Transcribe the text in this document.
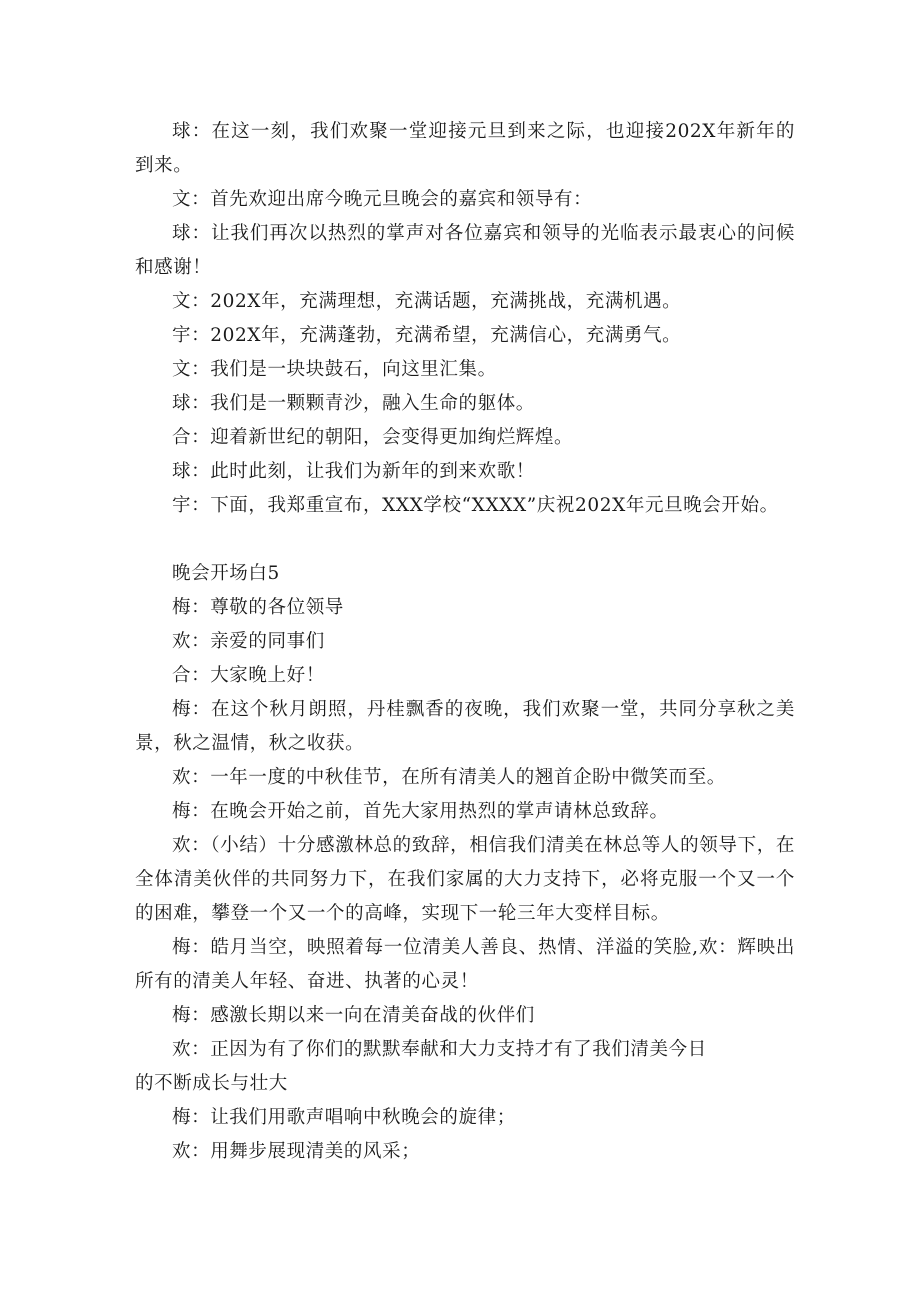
球：在这一刻，我们欢聚一堂迎接元旦到来之际，也迎接202X年新年的到来。

文：首先欢迎出席今晚元旦晚会的嘉宾和领导有：

球：让我们再次以热烈的掌声对各位嘉宾和领导的光临表示最衷心的问候和感谢！

文：202X年，充满理想，充满话题，充满挑战，充满机遇。

宇：202X年，充满蓬勃，充满希望，充满信心，充满勇气。

文：我们是一块块鼓石，向这里汇集。

球：我们是一颗颗青沙，融入生命的躯体。

合：迎着新世纪的朝阳，会变得更加绚烂辉煌。

球：此时此刻，让我们为新年的到来欢歌！

宇：下面，我郑重宣布，XXX学校“XXXX”庆祝202X年元旦晚会开始。

晚会开场白5

梅：尊敬的各位领导

欢：亲爱的同事们

合：大家晚上好！

梅：在这个秋月朗照，丹桂飘香的夜晚，我们欢聚一堂，共同分享秋之美景，秋之温情，秋之收获。

欢：一年一度的中秋佳节，在所有清美人的翘首企盼中微笑而至。

梅：在晚会开始之前，首先大家用热烈的掌声请林总致辞。

欢：（小结）十分感激林总的致辞，相信我们清美在林总等人的领导下，在全体清美伙伴的共同努力下，在我们家属的大力支持下，必将克服一个又一个的困难，攀登一个又一个的高峰，实现下一轮三年大变样目标。

梅：皓月当空，映照着每一位清美人善良、热情、洋溢的笑脸,欢：辉映出所有的清美人年轻、奋进、执著的心灵！

梅：感激长期以来一向在清美奋战的伙伴们

欢：正因为有了你们的默默奉献和大力支持才有了我们清美今日

的不断成长与壮大

梅：让我们用歌声唱响中秋晚会的旋律；

欢：用舞步展现清美的风采；
